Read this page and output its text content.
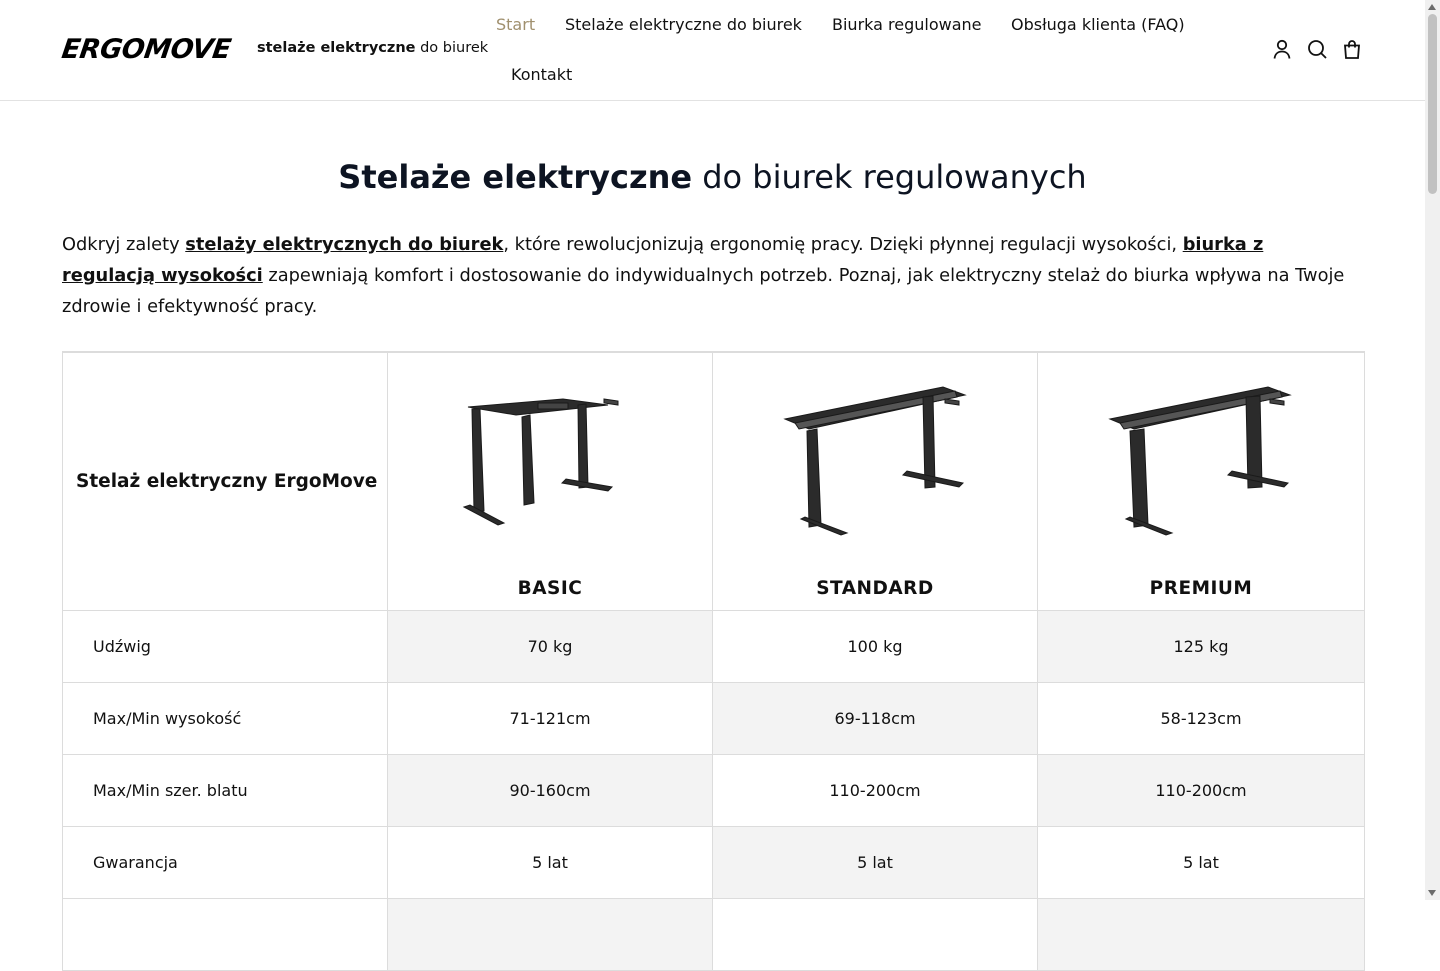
ERGOMOVE	stelaże elektryczne do biurek
Start Stelaże elektryczne do biurek Biurka regulowane Obsługa klienta (FAQ)
Kontakt
Stelaże elektryczne do biurek regulowanych

Odkryj zalety stelaży elektrycznych do biurek, które rewolucjonizują ergonomię pracy. Dzięki płynnej regulacji wysokości, biurka z regulacją wysokości zapewniają komfort i dostosowanie do indywidualnych potrzeb. Poznaj, jak elektryczny stelaż do biurka wpływa na Twoje zdrowie i efektywność pracy.

Stelaż elektryczny ErgoMove
BASIC	STANDARD	PREMIUM
Udźwig	70 kg	100 kg	125 kg
Max/Min wysokość	71-121cm	69-118cm	58-123cm
Max/Min szer. blatu	90-160cm	110-200cm	110-200cm
Gwarancja	5 lat	5 lat	5 lat
